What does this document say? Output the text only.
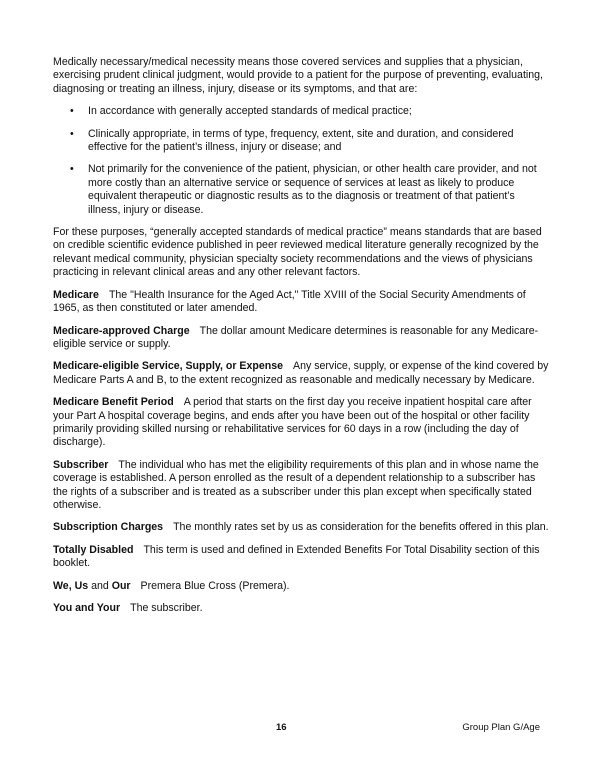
Medically necessary/medical necessity means those covered services and supplies that a physician, exercising prudent clinical judgment, would provide to a patient for the purpose of preventing, evaluating, diagnosing or treating an illness, injury, disease or its symptoms, and that are:

• In accordance with generally accepted standards of medical practice;
• Clinically appropriate, in terms of type, frequency, extent, site and duration, and considered effective for the patient’s illness, injury or disease; and
• Not primarily for the convenience of the patient, physician, or other health care provider, and not more costly than an alternative service or sequence of services at least as likely to produce equivalent therapeutic or diagnostic results as to the diagnosis or treatment of that patient’s illness, injury or disease.

For these purposes, “generally accepted standards of medical practice” means standards that are based on credible scientific evidence published in peer reviewed medical literature generally recognized by the relevant medical community, physician specialty society recommendations and the views of physicians practicing in relevant clinical areas and any other relevant factors.

Medicare The "Health Insurance for the Aged Act," Title XVIII of the Social Security Amendments of 1965, as then constituted or later amended.

Medicare-approved Charge The dollar amount Medicare determines is reasonable for any Medicare-eligible service or supply.

Medicare-eligible Service, Supply, or Expense Any service, supply, or expense of the kind covered by Medicare Parts A and B, to the extent recognized as reasonable and medically necessary by Medicare.

Medicare Benefit Period A period that starts on the first day you receive inpatient hospital care after your Part A hospital coverage begins, and ends after you have been out of the hospital or other facility primarily providing skilled nursing or rehabilitative services for 60 days in a row (including the day of discharge).

Subscriber The individual who has met the eligibility requirements of this plan and in whose name the coverage is established. A person enrolled as the result of a dependent relationship to a subscriber has the rights of a subscriber and is treated as a subscriber under this plan except when specifically stated otherwise.

Subscription Charges The monthly rates set by us as consideration for the benefits offered in this plan.

Totally Disabled This term is used and defined in Extended Benefits For Total Disability section of this booklet.

We, Us and Our Premera Blue Cross (Premera).

You and Your The subscriber.

16	Group Plan G/Age
